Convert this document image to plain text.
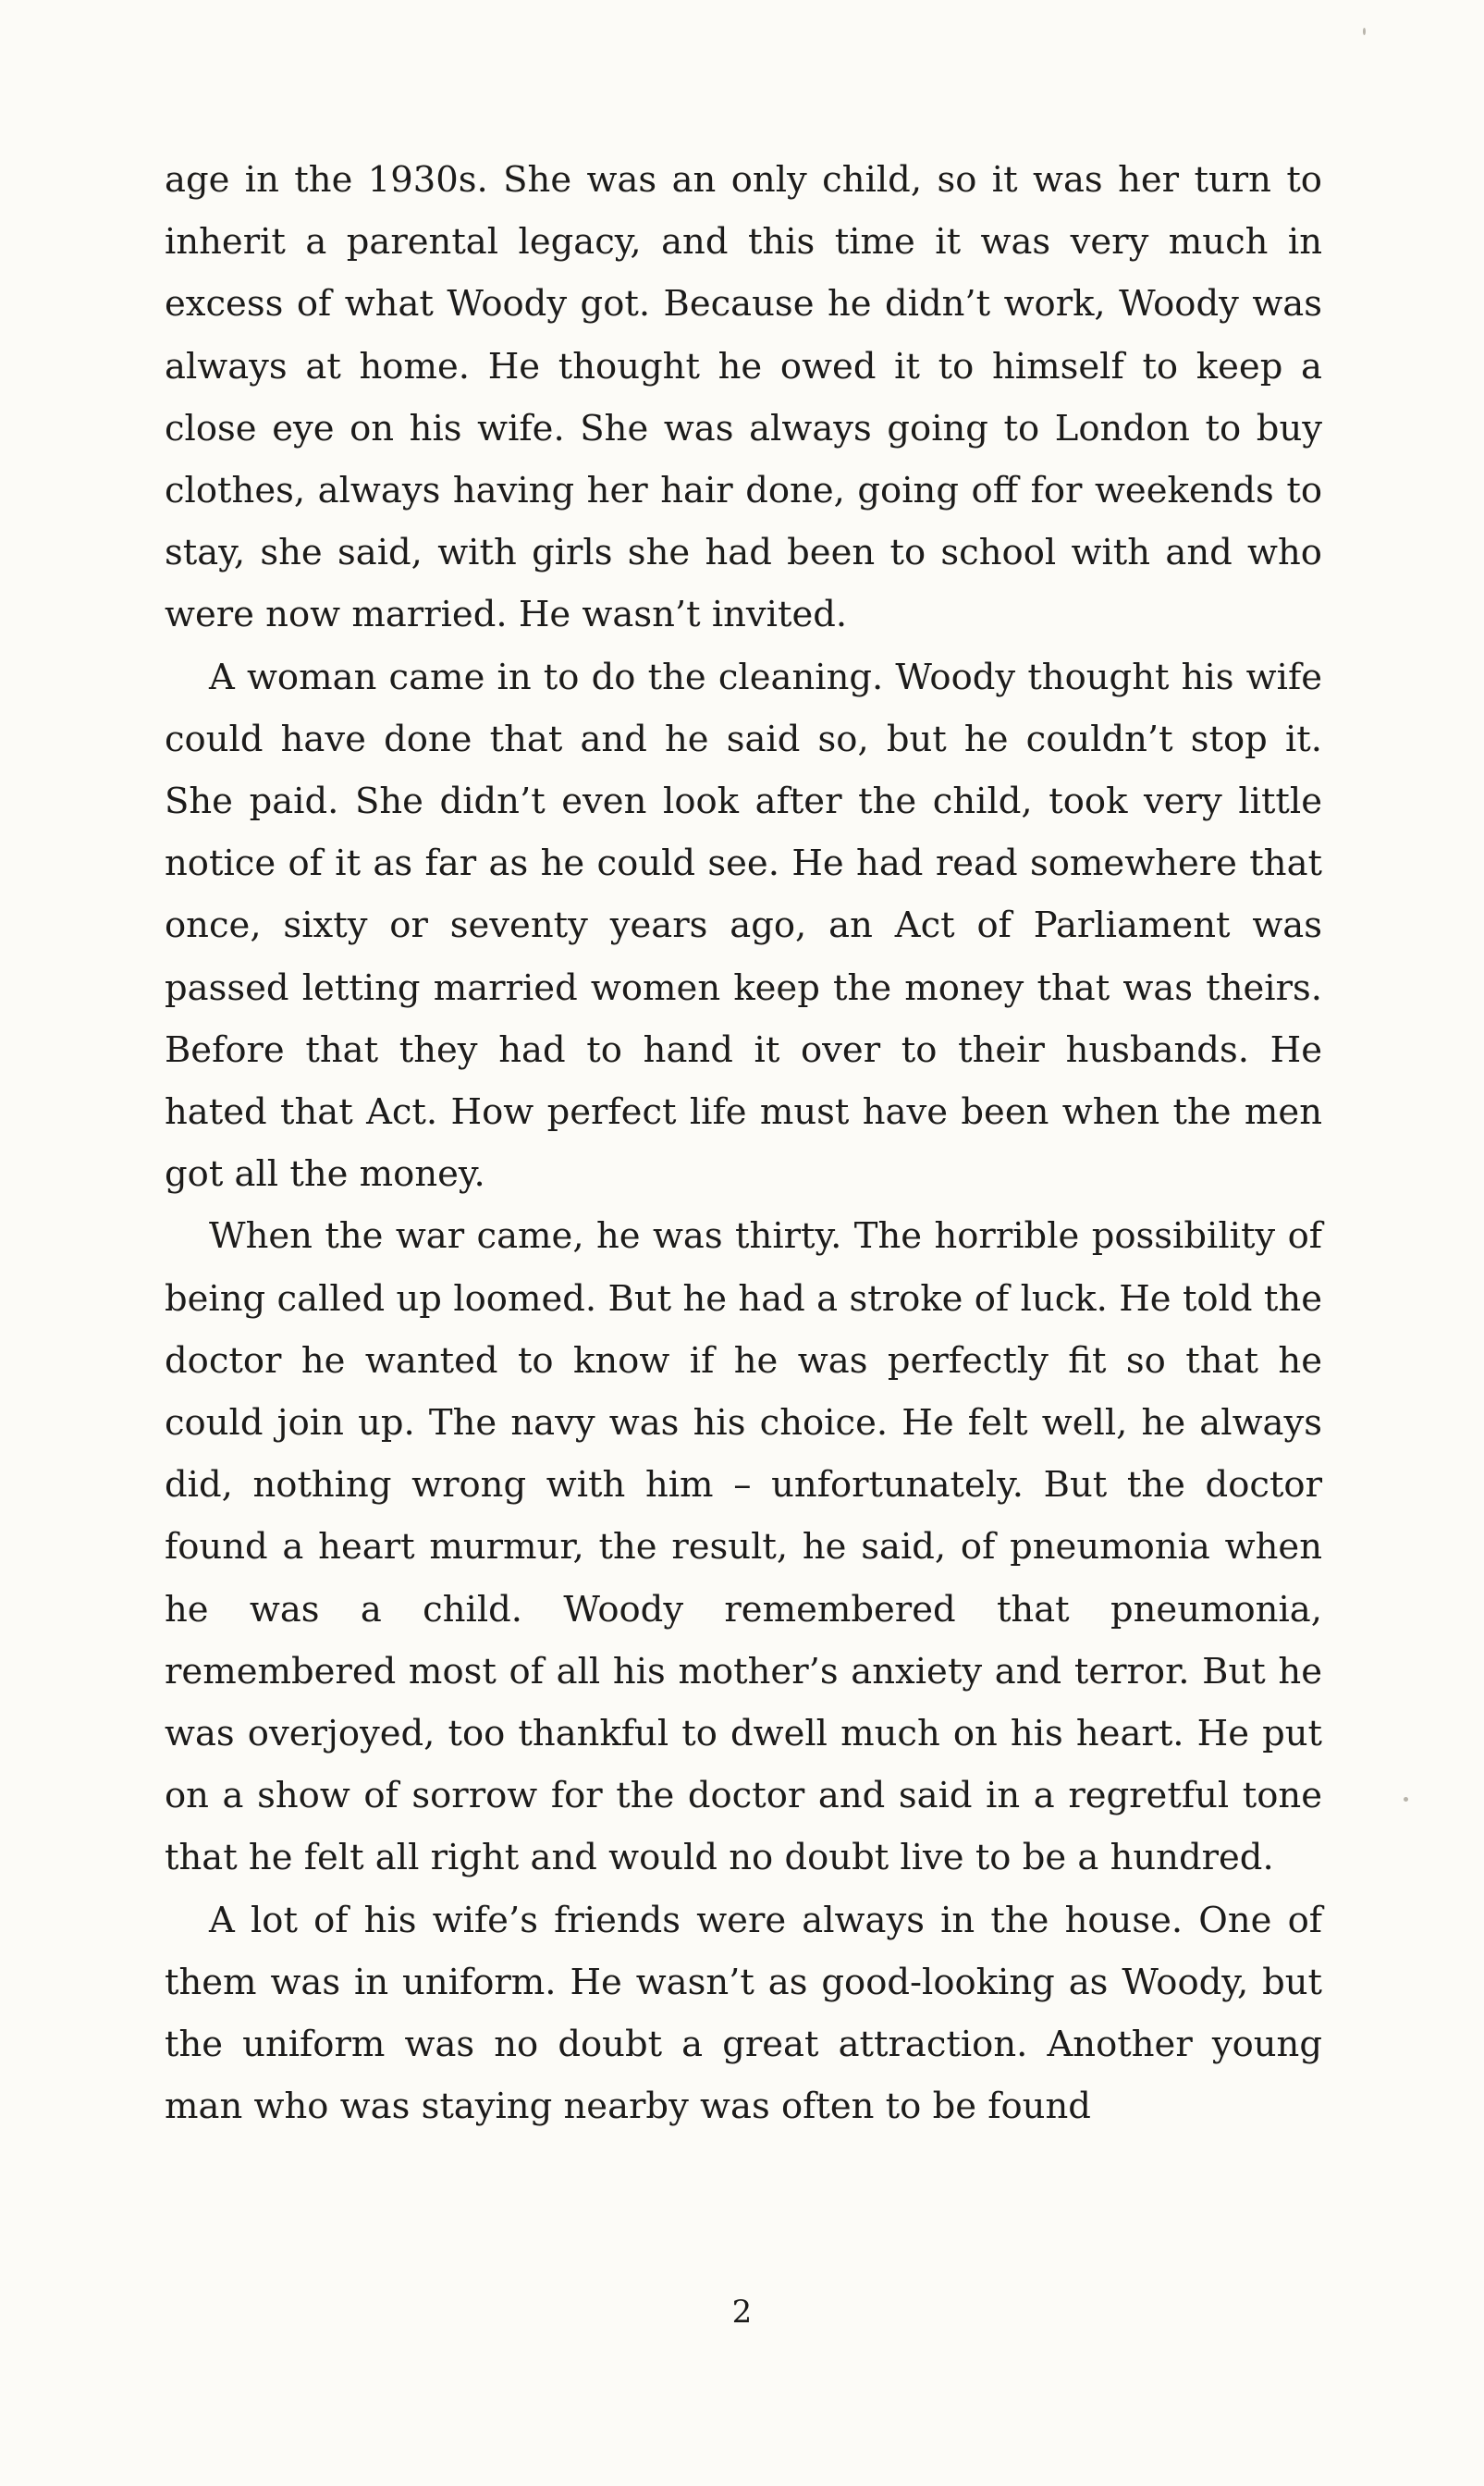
age in the 1930s. She was an only child, so it was her turn to inherit a parental legacy, and this time it was very much in excess of what Woody got. Because he didn’t work, Woody was always at home. He thought he owed it to himself to keep a close eye on his wife. She was always going to London to buy clothes, always having her hair done, going off for weekends to stay, she said, with girls she had been to school with and who were now married. He wasn’t invited.

A woman came in to do the cleaning. Woody thought his wife could have done that and he said so, but he couldn’t stop it. She paid. She didn’t even look after the child, took very little notice of it as far as he could see. He had read somewhere that once, sixty or seventy years ago, an Act of Parliament was passed letting married women keep the money that was theirs. Before that they had to hand it over to their husbands. He hated that Act. How perfect life must have been when the men got all the money.

When the war came, he was thirty. The horrible possibility of being called up loomed. But he had a stroke of luck. He told the doctor he wanted to know if he was perfectly fit so that he could join up. The navy was his choice. He felt well, he always did, nothing wrong with him – unfortunately. But the doctor found a heart murmur, the result, he said, of pneumonia when he was a child. Woody remembered that pneumonia, remembered most of all his mother’s anxiety and terror. But he was overjoyed, too thankful to dwell much on his heart. He put on a show of sorrow for the doctor and said in a regretful tone that he felt all right and would no doubt live to be a hundred.

A lot of his wife’s friends were always in the house. One of them was in uniform. He wasn’t as good-looking as Woody, but the uniform was no doubt a great attraction. Another young man who was staying nearby was often to be found

2
